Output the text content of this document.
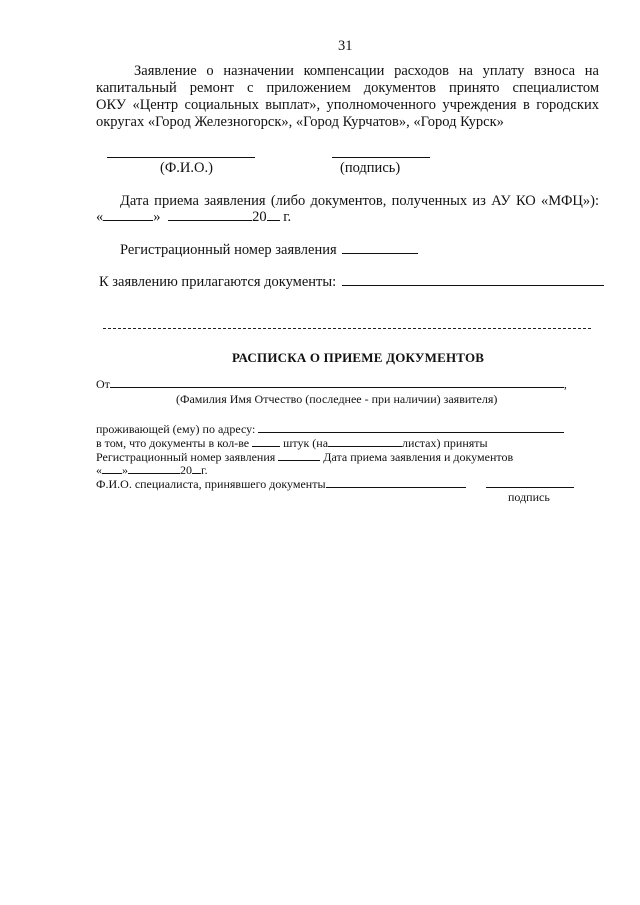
31
Заявление о назначении компенсации расходов на уплату взноса на
капитальный ремонт с приложением документов принято специалистом
ОКУ «Центр социальных выплат», уполномоченного учреждения в городских
округах «Город Железногорск», «Город Курчатов», «Город Курск»
(Ф.И.О.)	(подпись)
Дата приема заявления (либо документов, полученных из АУ КО «МФЦ»):
«	»	20 г.
Регистрационный номер заявления
К заявлению прилагаются документы:
РАСПИСКА О ПРИЕМЕ ДОКУМЕНТОВ
От	,
(Фамилия Имя Отчество (последнее - при наличии) заявителя)
проживающей (ему) по адресу:
в том, что документы в кол-ве	штук (на	листах) приняты
Регистрационный номер заявления	Дата приема заявления и документов
« »	20 г.
Ф.И.О. специалиста, принявшего документы
подпись
